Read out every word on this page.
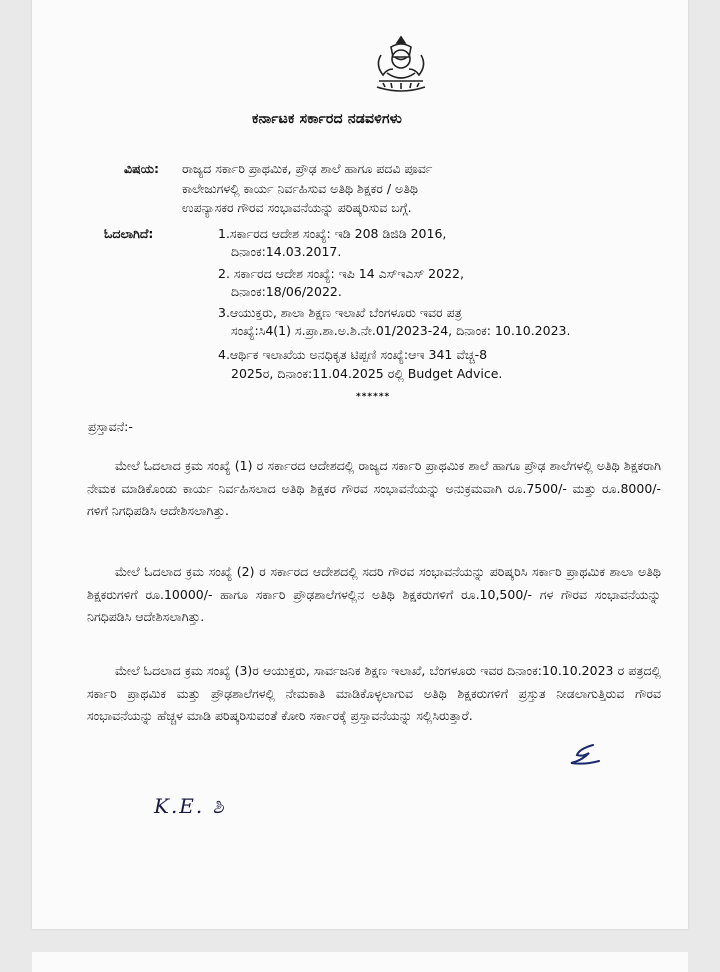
ಕರ್ನಾಟಕ ಸರ್ಕಾರದ ನಡವಳಿಗಳು
ವಿಷಯ: ರಾಜ್ಯದ ಸರ್ಕಾರಿ ಪ್ರಾಥಮಿಕ, ಪ್ರೌಢ ಶಾಲೆ ಹಾಗೂ ಪದವಿ ಪೂರ್ವ
ಕಾಲೇಜುಗಳಲ್ಲಿ ಕಾರ್ಯ ನಿರ್ವಹಿಸುವ ಅತಿಥಿ ಶಿಕ್ಷಕರ / ಅತಿಥಿ
ಉಪನ್ಯಾಸಕರ ಗೌರವ ಸಂಭಾವನೆಯನ್ನು ಪರಿಷ್ಕರಿಸುವ ಬಗ್ಗೆ.
ಓದಲಾಗಿದೆ:	1.ಸರ್ಕಾರದ ಆದೇಶ ಸಂಖ್ಯೆ: ಇಡಿ 208 ಡಿಜಿಡಿ 2016,
ದಿನಾಂಕ:14.03.2017.
2. ಸರ್ಕಾರದ ಆದೇಶ ಸಂಖ್ಯೆ: ಇಪಿ 14 ಎಸ್‌ಇಎಸ್ 2022,
ದಿನಾಂಕ:18/06/2022.
3.ಆಯುಕ್ತರು, ಶಾಲಾ ಶಿಕ್ಷಣ ಇಲಾಖೆ ಬೆಂಗಳೂರು ಇವರ ಪತ್ರ
ಸಂಖ್ಯೆ:ಸಿ4(1) ಸ.ಪ್ರಾ.ಶಾ.ಅ.ಶಿ.ನೇ.01/2023-24, ದಿನಾಂಕ: 10.10.2023.
4.ಆರ್ಥಿಕ ಇಲಾಖೆಯ ಅನಧಿಕೃತ ಟಿಪ್ಪಣಿ ಸಂಖ್ಯೆ:ಆಇ 341 ವೆಚ್ಚ-8
2025ರ, ದಿನಾಂಕ:11.04.2025 ರಲ್ಲಿ Budget Advice.
******
ಪ್ರಸ್ತಾವನೆ:-
ಮೇಲೆ ಓದಲಾದ ಕ್ರಮ ಸಂಖ್ಯೆ (1) ರ ಸರ್ಕಾರದ ಆದೇಶದಲ್ಲಿ ರಾಜ್ಯದ ಸರ್ಕಾರಿ ಪ್ರಾಥಮಿಕ ಶಾಲೆ ಹಾಗೂ ಪ್ರೌಢ ಶಾಲೆಗಳಲ್ಲಿ ಅತಿಥಿ ಶಿಕ್ಷಕರಾಗಿ ನೇಮಕ ಮಾಡಿಕೊಂಡು ಕಾರ್ಯ ನಿರ್ವಹಿಸಲಾದ ಅತಿಥಿ ಶಿಕ್ಷಕರ ಗೌರವ ಸಂಭಾವನೆಯನ್ನು ಅನುಕ್ರಮವಾಗಿ ರೂ.7500/- ಮತ್ತು ರೂ.8000/- ಗಳಿಗೆ ನಿಗಧಿಪಡಿಸಿ ಆದೇಶಿಸಲಾಗಿತ್ತು.
ಮೇಲೆ ಓದಲಾದ ಕ್ರಮ ಸಂಖ್ಯೆ (2) ರ ಸರ್ಕಾರದ ಆದೇಶದಲ್ಲಿ ಸದರಿ ಗೌರವ ಸಂಭಾವನೆಯನ್ನು ಪರಿಷ್ಕರಿಸಿ ಸರ್ಕಾರಿ ಪ್ರಾಥಮಿಕ ಶಾಲಾ ಅತಿಥಿ ಶಿಕ್ಷಕರುಗಳಿಗೆ ರೂ.10000/- ಹಾಗೂ ಸರ್ಕಾರಿ ಪ್ರೌಢಶಾಲೆಗಳಲ್ಲಿನ ಅತಿಥಿ ಶಿಕ್ಷಕರುಗಳಿಗೆ ರೂ.10,500/- ಗಳ ಗೌರವ ಸಂಭಾವನೆಯನ್ನು ನಿಗಧಿಪಡಿಸಿ ಆದೇಶಿಸಲಾಗಿತ್ತು.
ಮೇಲೆ ಓದಲಾದ ಕ್ರಮ ಸಂಖ್ಯೆ (3)ರ ಆಯುಕ್ತರು, ಸಾರ್ವಜನಿಕ ಶಿಕ್ಷಣ ಇಲಾಖೆ, ಬೆಂಗಳೂರು ಇವರ ದಿನಾಂಕ:10.10.2023 ರ ಪತ್ರದಲ್ಲಿ ಸರ್ಕಾರಿ ಪ್ರಾಥಮಿಕ ಮತ್ತು ಪ್ರೌಢಶಾಲೆಗಳಲ್ಲಿ ನೇಮಕಾತಿ ಮಾಡಿಕೊಳ್ಳಲಾಗುವ ಅತಿಥಿ ಶಿಕ್ಷಕರುಗಳಿಗೆ ಪ್ರಸ್ತುತ ನೀಡಲಾಗುತ್ತಿರುವ ಗೌರವ ಸಂಭಾವನೆಯನ್ನು ಹೆಚ್ಚಳ ಮಾಡಿ ಪರಿಷ್ಕರಿಸುವಂತೆ ಕೋರಿ ಸರ್ಕಾರಕ್ಕೆ ಪ್ರಸ್ತಾವನೆಯನ್ನು ಸಲ್ಲಿಸಿರುತ್ತಾರೆ.
K.E. ಶಿ
